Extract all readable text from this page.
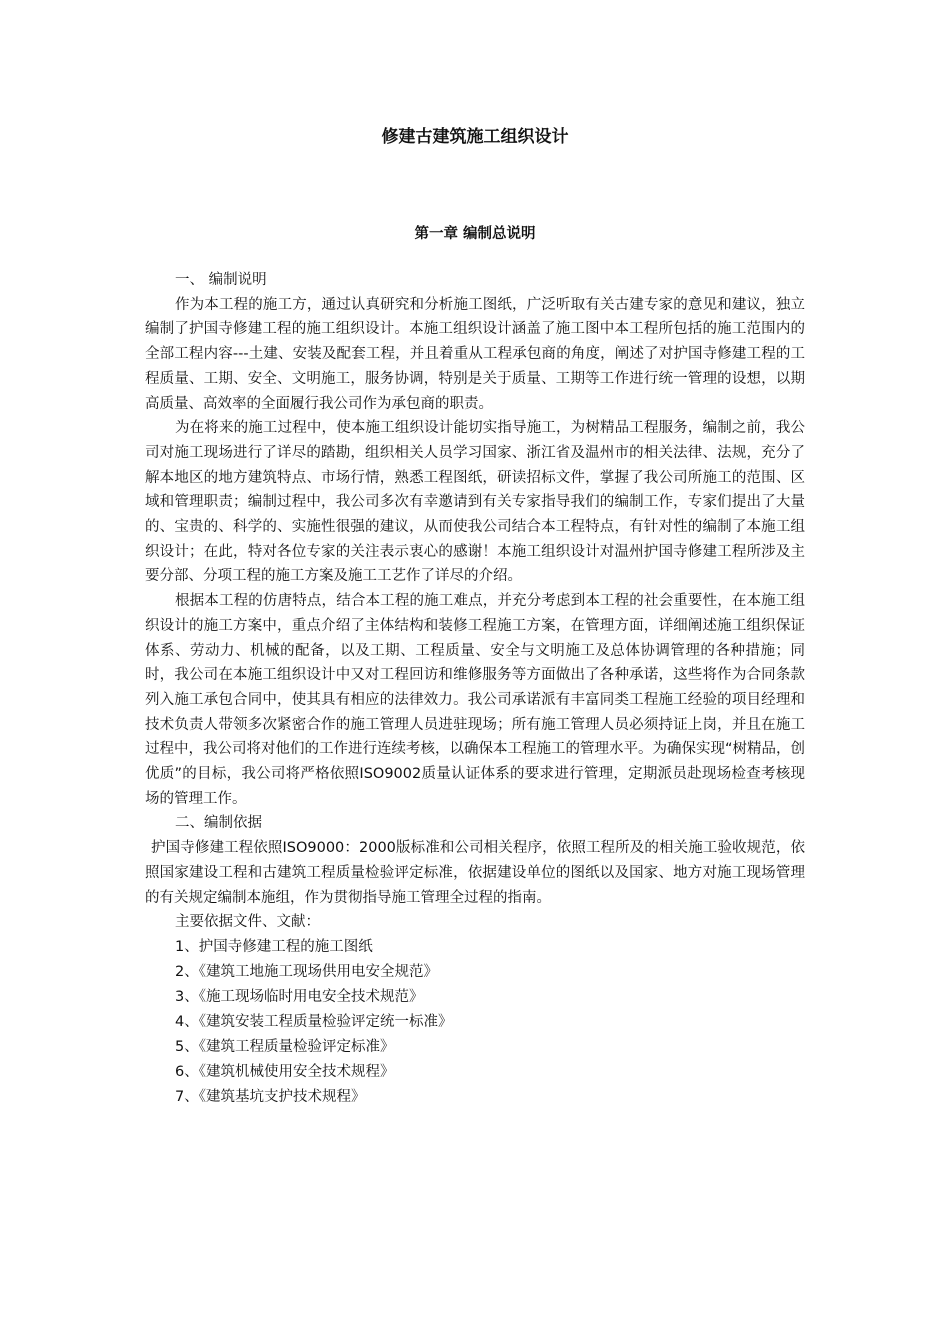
修建古建筑施工组织设计
第一章 编制总说明

一、 编制说明

作为本工程的施工方，通过认真研究和分析施工图纸，广泛听取有关古建专家的意见和建议，独立编制了护国寺修建工程的施工组织设计。本施工组织设计涵盖了施工图中本工程所包括的施工范围内的全部工程内容---土建、安装及配套工程，并且着重从工程承包商的角度，阐述了对护国寺修建工程的工程质量、工期、安全、文明施工，服务协调，特别是关于质量、工期等工作进行统一管理的设想，以期高质量、高效率的全面履行我公司作为承包商的职责。

为在将来的施工过程中，使本施工组织设计能切实指导施工，为树精品工程服务，编制之前，我公司对施工现场进行了详尽的踏勘，组织相关人员学习国家、浙江省及温州市的相关法律、法规，充分了解本地区的地方建筑特点、市场行情，熟悉工程图纸，研读招标文件，掌握了我公司所施工的范围、区域和管理职责；编制过程中，我公司多次有幸邀请到有关专家指导我们的编制工作，专家们提出了大量的、宝贵的、科学的、实施性很强的建议，从而使我公司结合本工程特点，有针对性的编制了本施工组织设计；在此，特对各位专家的关注表示衷心的感谢！本施工组织设计对温州护国寺修建工程所涉及主要分部、分项工程的施工方案及施工工艺作了详尽的介绍。

根据本工程的仿唐特点，结合本工程的施工难点，并充分考虑到本工程的社会重要性，在本施工组织设计的施工方案中，重点介绍了主体结构和装修工程施工方案，在管理方面，详细阐述施工组织保证体系、劳动力、机械的配备，以及工期、工程质量、安全与文明施工及总体协调管理的各种措施；同时，我公司在本施工组织设计中又对工程回访和维修服务等方面做出了各种承诺，这些将作为合同条款列入施工承包合同中，使其具有相应的法律效力。我公司承诺派有丰富同类工程施工经验的项目经理和技术负责人带领多次紧密合作的施工管理人员进驻现场；所有施工管理人员必须持证上岗，并且在施工过程中，我公司将对他们的工作进行连续考核，以确保本工程施工的管理水平。为确保实现“树精品，创优质”的目标，我公司将严格依照ISO9002质量认证体系的要求进行管理，定期派员赴现场检查考核现场的管理工作。

二、编制依据

护国寺修建工程依照ISO9000：2000版标准和公司相关程序，依照工程所及的相关施工验收规范，依照国家建设工程和古建筑工程质量检验评定标准，依据建设单位的图纸以及国家、地方对施工现场管理的有关规定编制本施组，作为贯彻指导施工管理全过程的指南。

主要依据文件、文献：

1、护国寺修建工程的施工图纸
2、《建筑工地施工现场供用电安全规范》
3、《施工现场临时用电安全技术规范》
4、《建筑安装工程质量检验评定统一标准》
5、《建筑工程质量检验评定标准》
6、《建筑机械使用安全技术规程》
7、《建筑基坑支护技术规程》
